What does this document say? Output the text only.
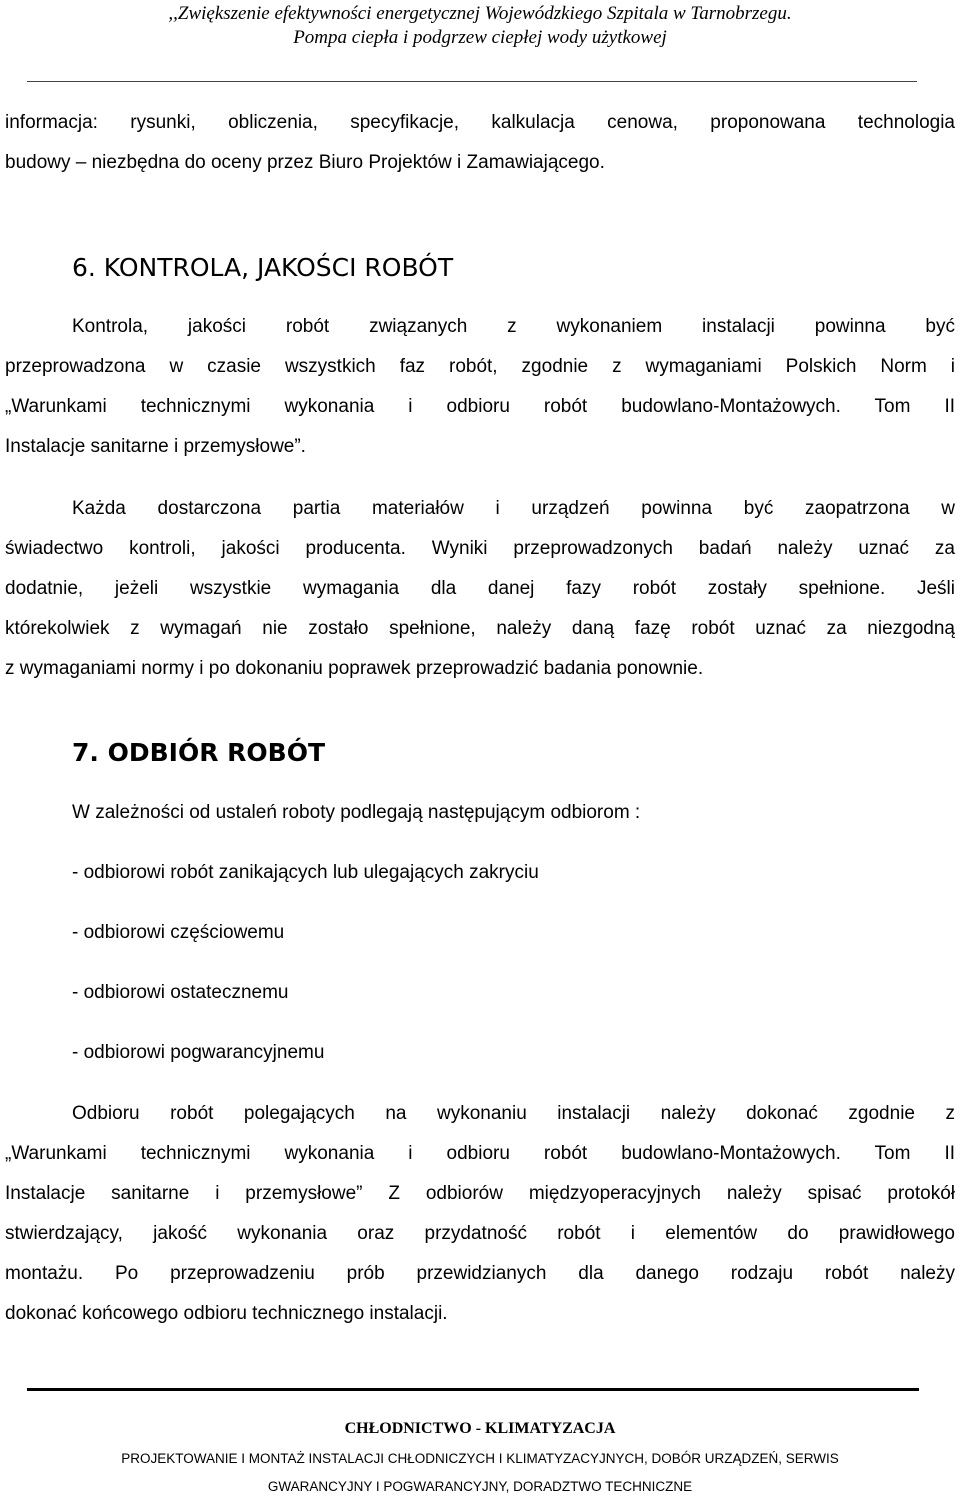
,,Zwiększenie efektywności energetycznej Wojewódzkiego Szpitala w Tarnobrzegu.
Pompa ciepła i podgrzew ciepłej wody użytkowej
informacja: rysunki, obliczenia, specyfikacje, kalkulacja cenowa, proponowana technologia
budowy – niezbędna do oceny przez Biuro Projektów i Zamawiającego.
6. KONTROLA, JAKOŚCI ROBÓT
Kontrola, jakości robót związanych z wykonaniem instalacji powinna być
przeprowadzona w czasie wszystkich faz robót, zgodnie z wymaganiami Polskich Norm i
„Warunkami technicznymi wykonania i odbioru robót budowlano-Montażowych. Tom II
Instalacje sanitarne i przemysłowe”.
Każda dostarczona partia materiałów i urządzeń powinna być zaopatrzona w
świadectwo kontroli, jakości producenta. Wyniki przeprowadzonych badań należy uznać za
dodatnie, jeżeli wszystkie wymagania dla danej fazy robót zostały spełnione. Jeśli
którekolwiek z wymagań nie zostało spełnione, należy daną fazę robót uznać za niezgodną
z wymaganiami normy i po dokonaniu poprawek przeprowadzić badania ponownie.
7. ODBIÓR ROBÓT

W zależności od ustaleń roboty podlegają następującym odbiorom :

- odbiorowi robót zanikających lub ulegających zakryciu

- odbiorowi częściowemu

- odbiorowi ostatecznemu

- odbiorowi pogwarancyjnemu

Odbioru robót polegających na wykonaniu instalacji należy dokonać zgodnie z
„Warunkami technicznymi wykonania i odbioru robót budowlano-Montażowych. Tom II
Instalacje sanitarne i przemysłowe” Z odbiorów międzyoperacyjnych należy spisać protokół
stwierdzający, jakość wykonania oraz przydatność robót i elementów do prawidłowego
montażu. Po przeprowadzeniu prób przewidzianych dla danego rodzaju robót należy
dokonać końcowego odbioru technicznego instalacji.
CHŁODNICTWO - KLIMATYZACJA
PROJEKTOWANIE I MONTAŻ INSTALACJI CHŁODNICZYCH I KLIMATYZACYJNYCH, DOBÓR URZĄDZEŃ, SERWIS
GWARANCYJNY I POGWARANCYJNY, DORADZTWO TECHNICZNE
